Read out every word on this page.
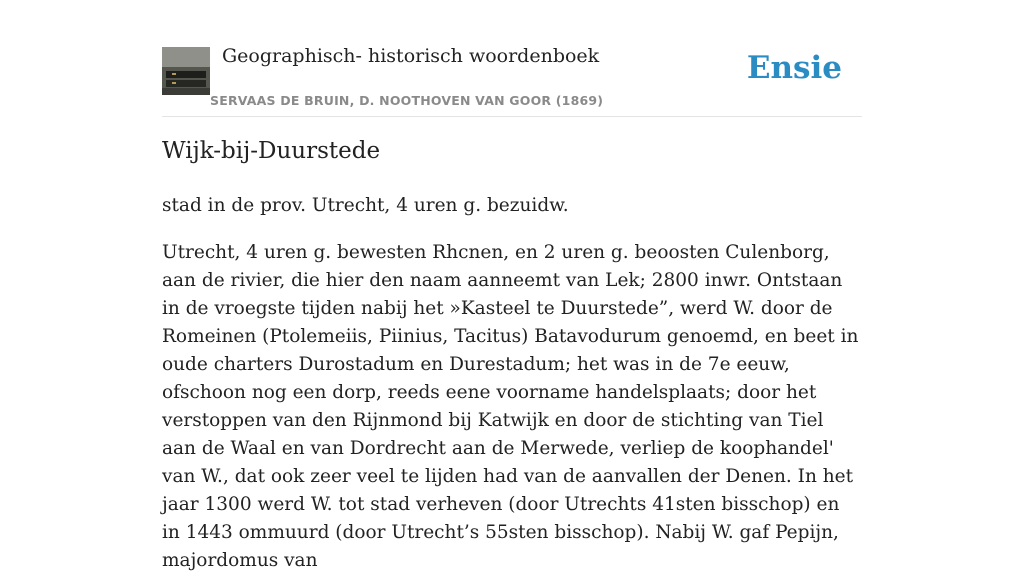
Geographisch- historisch woordenboek
SERVAAS DE BRUIN, D. NOOTHOVEN VAN GOOR (1869)
Ensie
Wijk-bij-Duurstede

stad in de prov. Utrecht, 4 uren g. bezuidw.

Utrecht, 4 uren g. bewesten Rhcnen, en 2 uren g. beoosten Culenborg, aan de rivier, die hier den naam aanneemt van Lek; 2800 inwr. Ontstaan in de vroegste tijden nabij het »Kasteel te Duurstede”, werd W. door de Romeinen (Ptolemeiis, Piinius, Tacitus) Batavodurum genoemd, en beet in oude charters Durostadum en Durestadum; het was in de 7e eeuw, ofschoon nog een dorp, reeds eene voorname handelsplaats; door het verstoppen van den Rijnmond bij Katwijk en door de stichting van Tiel aan de Waal en van Dordrecht aan de Merwede, verliep de koophandel' van W., dat ook zeer veel te lijden had van de aanvallen der Denen. In het jaar 1300 werd W. tot stad verheven (door Utrechts 41sten bisschop) en in 1443 ommuurd (door Utrecht’s 55sten bisschop). Nabij W. gaf Pepijn, majordomus van
